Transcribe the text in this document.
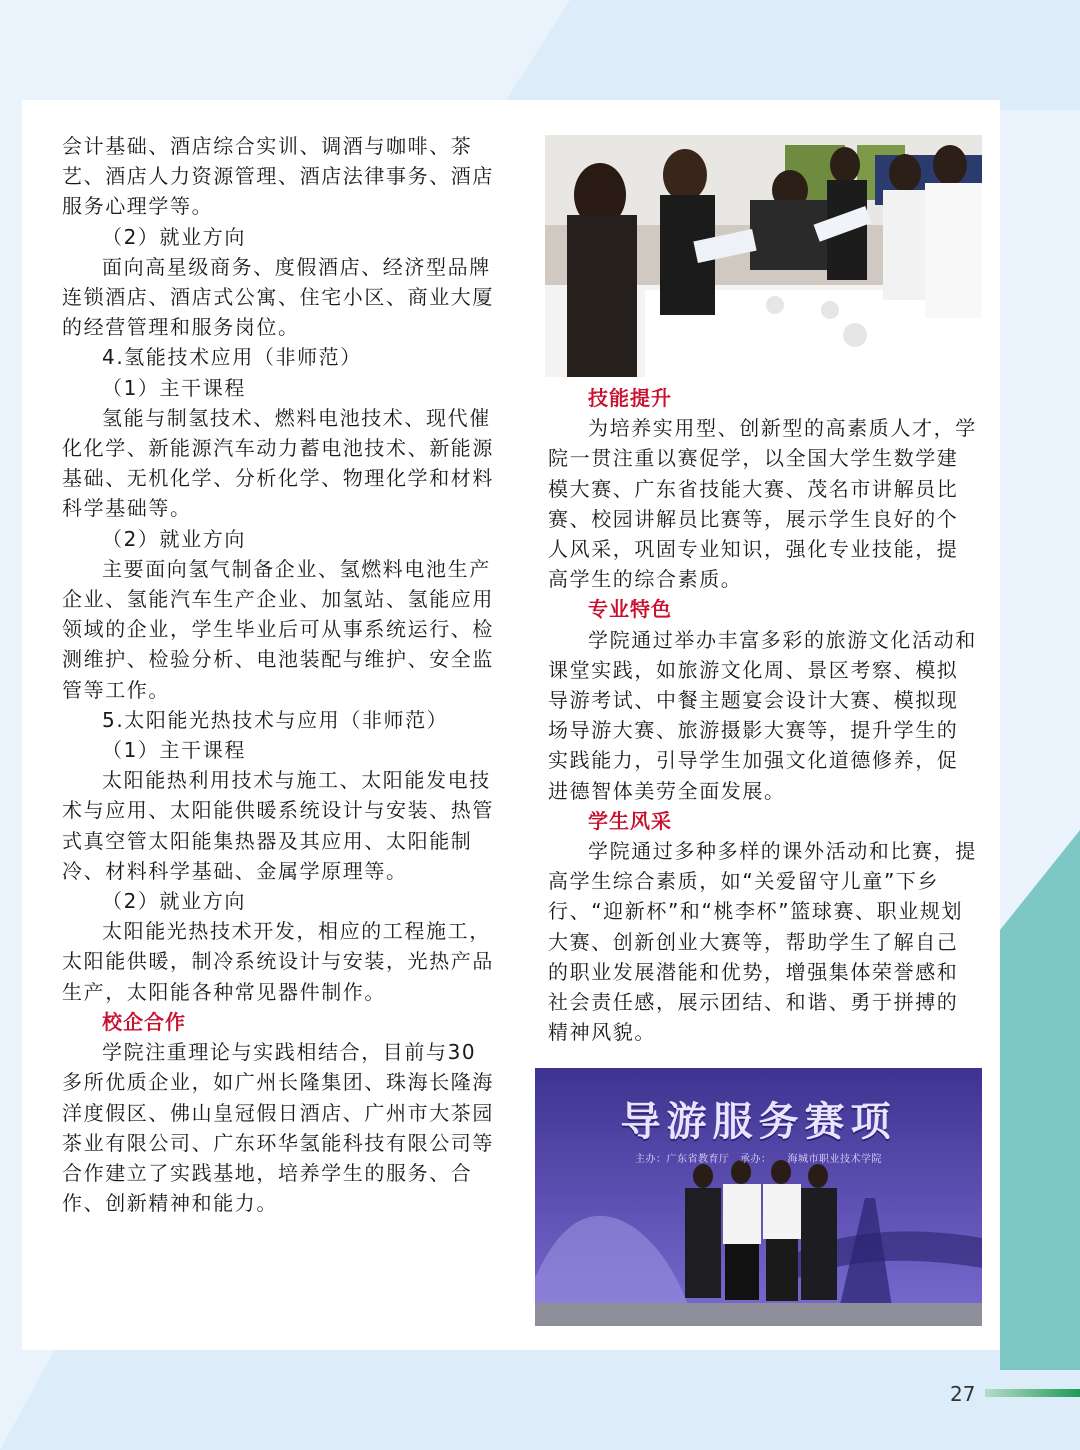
会计基础、酒店综合实训、调酒与咖啡、茶艺、酒店人力资源管理、酒店法律事务、酒店服务心理学等。

（2）就业方向

面向高星级商务、度假酒店、经济型品牌连锁酒店、酒店式公寓、住宅小区、商业大厦的经营管理和服务岗位。

4.氢能技术应用（非师范）

（1）主干课程

氢能与制氢技术、燃料电池技术、现代催化化学、新能源汽车动力蓄电池技术、新能源基础、无机化学、分析化学、物理化学和材料科学基础等。

（2）就业方向

主要面向氢气制备企业、氢燃料电池生产企业、氢能汽车生产企业、加氢站、氢能应用领域的企业，学生毕业后可从事系统运行、检测维护、检验分析、电池装配与维护、安全监管等工作。

5.太阳能光热技术与应用（非师范）

（1）主干课程

太阳能热利用技术与施工、太阳能发电技术与应用、太阳能供暖系统设计与安装、热管式真空管太阳能集热器及其应用、太阳能制冷、材料科学基础、金属学原理等。

（2）就业方向

太阳能光热技术开发，相应的工程施工，太阳能供暖，制冷系统设计与安装，光热产品生产，太阳能各种常见器件制作。

校企合作

学院注重理论与实践相结合，目前与30多所优质企业，如广州长隆集团、珠海长隆海洋度假区、佛山皇冠假日酒店、广州市大茶园茶业有限公司、广东环华氢能科技有限公司等合作建立了实践基地，培养学生的服务、合作、创新精神和能力。

技能提升

为培养实用型、创新型的高素质人才，学院一贯注重以赛促学，以全国大学生数学建模大赛、广东省技能大赛、茂名市讲解员比赛、校园讲解员比赛等，展示学生良好的个人风采，巩固专业知识，强化专业技能，提高学生的综合素质。

专业特色

学院通过举办丰富多彩的旅游文化活动和课堂实践，如旅游文化周、景区考察、模拟导游考试、中餐主题宴会设计大赛、模拟现场导游大赛、旅游摄影大赛等，提升学生的实践能力，引导学生加强文化道德修养，促进德智体美劳全面发展。

学生风采

学院通过多种多样的课外活动和比赛，提高学生综合素质，如“关爱留守儿童”下乡行、“迎新杯”和“桃李杯”篮球赛、职业规划大赛、创新创业大赛等，帮助学生了解自己的职业发展潜能和优势，增强集体荣誉感和社会责任感，展示团结、和谐、勇于拼搏的精神风貌。

导游服务赛项
主办：广东省教育厅　承办：　　海城市职业技术学院
27
